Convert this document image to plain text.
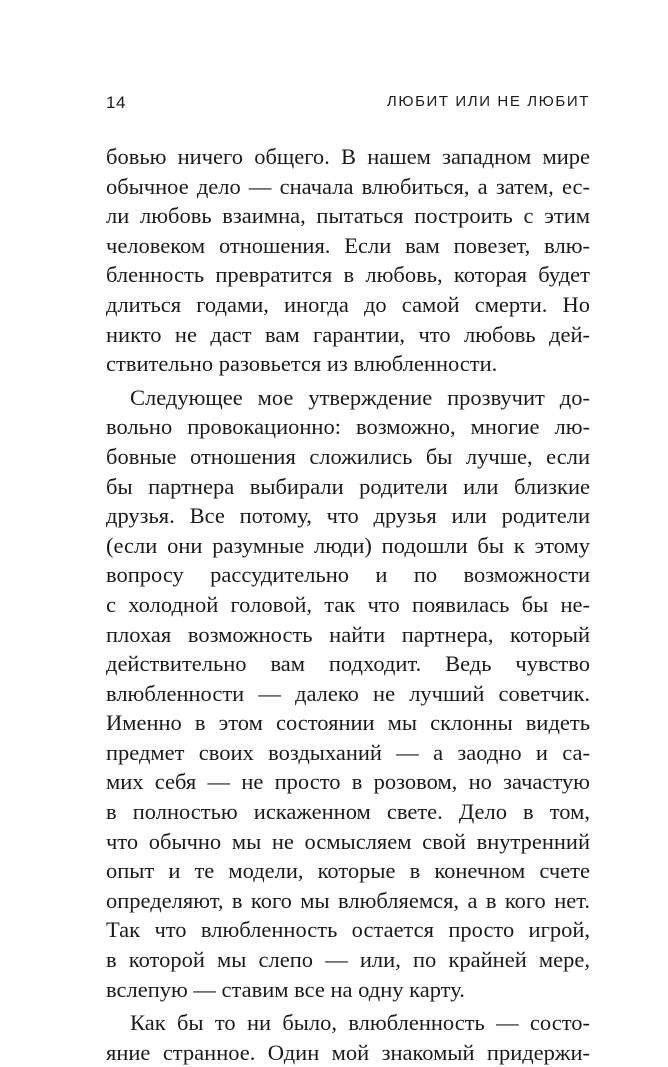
14	ЛЮБИТ ИЛИ НЕ ЛЮБИТ
бовью ничего общего. В нашем западном мире
обычное дело — сначала влюбиться, а затем, ес-
ли любовь взаимна, пытаться построить с этим
человеком отношения. Если вам повезет, влю-
бленность превратится в любовь, которая будет
длиться годами, иногда до самой смерти. Но
никто не даст вам гарантии, что любовь дей-
ствительно разовьется из влюбленности.
Следующее мое утверждение прозвучит до-
вольно провокационно: возможно, многие лю-
бовные отношения сложились бы лучше, если
бы партнера выбирали родители или близкие
друзья. Все потому, что друзья или родители
(если они разумные люди) подошли бы к этому
вопросу рассудительно и по возможности
с холодной головой, так что появилась бы не-
плохая возможность найти партнера, который
действительно вам подходит. Ведь чувство
влюбленности — далеко не лучший советчик.
Именно в этом состоянии мы склонны видеть
предмет своих воздыханий — а заодно и са-
мих себя — не просто в розовом, но зачастую
в полностью искаженном свете. Дело в том,
что обычно мы не осмысляем свой внутренний
опыт и те модели, которые в конечном счете
определяют, в кого мы влюбляемся, а в кого нет.
Так что влюбленность остается просто игрой,
в которой мы слепо — или, по крайней мере,
вслепую — ставим все на одну карту.
Как бы то ни было, влюбленность — состо-
яние странное. Один мой знакомый придержи-
